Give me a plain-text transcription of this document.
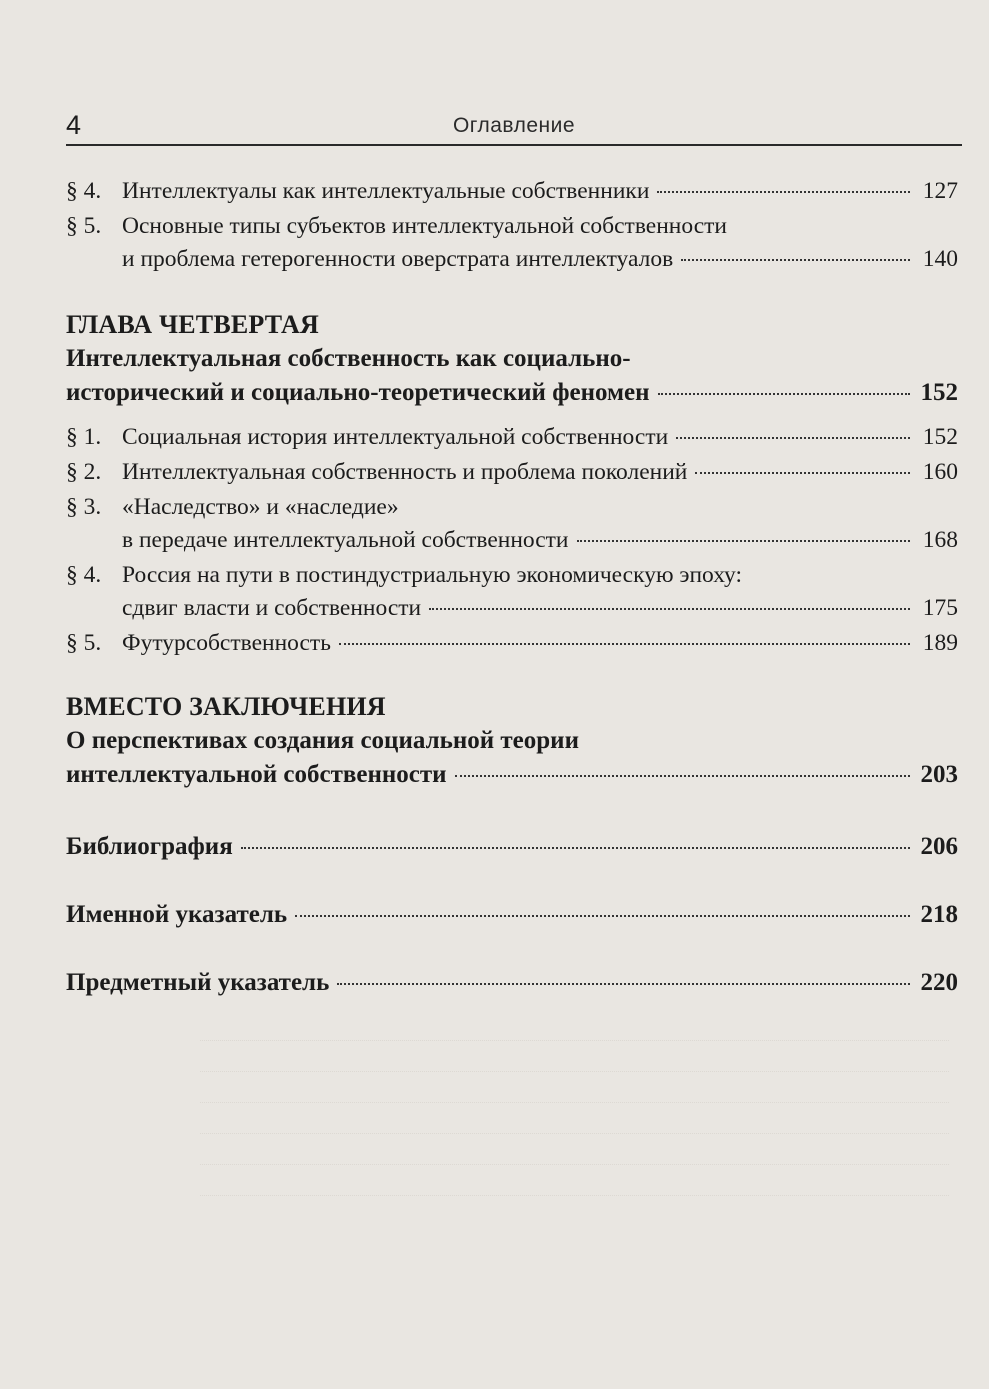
4	Оглавление
§ 4. Интеллектуалы как интеллектуальные собственники	127
§ 5. Основные типы субъектов интеллектуальной собственности
и проблема гетерогенности оверстрата интеллектуалов	140
ГЛАВА ЧЕТВЕРТАЯ
Интеллектуальная собственность как социально-
исторический и социально-теоретический феномен	152
§ 1. Социальная история интеллектуальной собственности	152
§ 2. Интеллектуальная собственность и проблема поколений	160
§ 3. «Наследство» и «наследие»
в передаче интеллектуальной собственности	168
§ 4. Россия на пути в постиндустриальную экономическую эпоху:
сдвиг власти и собственности	175
§ 5. Футурсобственность	189
ВМЕСТО ЗАКЛЮЧЕНИЯ
О перспективах создания социальной теории
интеллектуальной собственности	203
Библиография	206
Именной указатель	218
Предметный указатель	220
